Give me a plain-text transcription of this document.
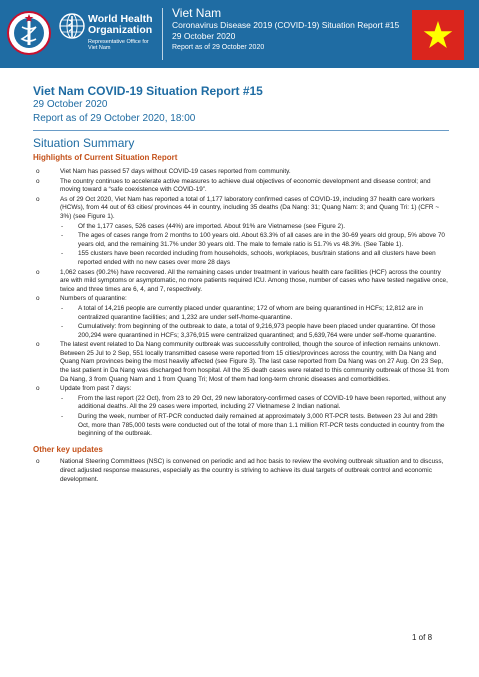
World Health Organization
Representative Office for Viet Nam
Viet Nam
Coronavirus Disease 2019 (COVID-19) Situation Report #15
29 October 2020
Report as of 29 October 2020
Viet Nam COVID-19 Situation Report #15
29 October 2020
Report as of 29 October 2020, 18:00
Situation Summary
Highlights of Current Situation Report
o	Viet Nam has passed 57 days without COVID-19 cases reported from community.
o	The country continues to accelerate active measures to achieve dual objectives of economic development and disease control; and moving toward a “safe coexistence with COVID-19”.
o	As of 29 Oct 2020, Viet Nam has reported a total of 1,177 laboratory confirmed cases of COVID-19, including 37 health care workers (HCWs), from 44 out of 63 cities/ provinces 44 in country, including 35 deaths (Da Nang: 31; Quang Nam: 3; and Quang Tri: 1) (CFR ~ 3%) (see Figure 1).
- Of the 1,177 cases, 526 cases (44%) are imported. About 91% are Vietnamese (see Figure 2).
- The ages of cases range from 2 months to 100 years old. About 63.3% of all cases are in the 30-69 years old group, 5% above 70 years old, and the remaining 31.7% under 30 years old. The male to female ratio is 51.7% vs 48.3%. (See Table 1).
- 155 clusters have been recorded including from households, schools, workplaces, bus/train stations and all clusters have been reported ended with no new cases over more 28 days
o	1,062 cases (90.2%) have recovered. All the remaining cases under treatment in various health care facilities (HCF) across the country are with mild symptoms or asymptomatic, no more patients required ICU. Among those, number of cases who have tested negative once, twice and three times are 6, 4, and 7, respectively.
o	Numbers of quarantine:
- A total of 14,216 people are currently placed under quarantine; 172 of whom are being quarantined in HCFs; 12,812 are in centralized quarantine facilities; and 1,232 are under self-/home-quarantine.
- Cumulatively: from beginning of the outbreak to date, a total of 9,216,973 people have been placed under quarantine. Of those 200,294 were quarantined in HCFs; 3,376,915 were centralized quarantined; and 5,639,764 were under self-/home quarantine.
o	The latest event related to Da Nang community outbreak was successfully controlled, though the source of infection remains unknown. Between 25 Jul to 2 Sep, 551 locally transmitted casese were reported from 15 cities/provinces across the country, with Da Nang and Quang Nam provinces being the most heavily affected (see Figure 3). The last case reported from Da Nang was on 27 Aug. On 23 Sep, the last patient in Da Nang was discharged from hospital. All the 35 death cases were related to this community outbreak of those 31 from Da Nang, 3 from Quang Nam and 1 from Quang Tri; Most of them had long-term chronic diseases and comorbidities.
o	Update from past 7 days:
- From the last report (22 Oct), from 23 to 29 Oct, 29 new laboratory-confirmed cases of COVID-19 have been reported, without any additional deaths. All the 29 cases were imported, including 27 Vietnamese 2 Indian national.
- During the week, number of RT-PCR conducted daily remained at approximately 3,000 RT-PCR tests. Between 23 Jul and 28th Oct, more than 785,000 tests were conducted out of the total of more than 1.1 million RT-PCR tests conducted in country from the beginning of the outbreak.
Other key updates
o	National Steering Committees (NSC) is convened on periodic and ad hoc basis to review the evolving outbreak situation and to discuss, direct adjusted response measures, especially as the country is striving to achieve its dual targets of outbreak control and economic development.
1 of 8
